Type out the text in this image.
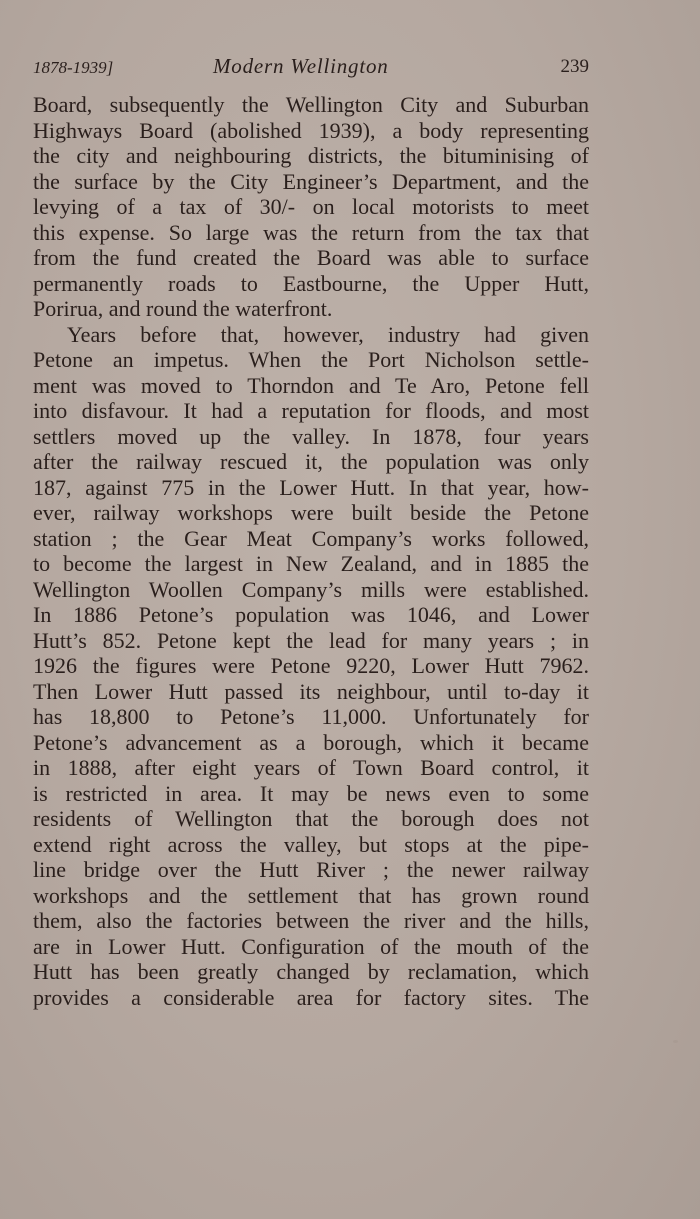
1878-1939]	Modern Wellington	239
Board, subsequently the Wellington City and Suburban
Highways Board (abolished 1939), a body representing
the city and neighbouring districts, the bituminising of
the surface by the City Engineer’s Department, and the
levying of a tax of 30/- on local motorists to meet
this expense. So large was the return from the tax that
from the fund created the Board was able to surface
permanently roads to Eastbourne, the Upper Hutt,
Porirua, and round the waterfront.
Years before that, however, industry had given
Petone an impetus. When the Port Nicholson settle-
ment was moved to Thorndon and Te Aro, Petone fell
into disfavour. It had a reputation for floods, and most
settlers moved up the valley. In 1878, four years
after the railway rescued it, the population was only
187, against 775 in the Lower Hutt. In that year, how-
ever, railway workshops were built beside the Petone
station ; the Gear Meat Company’s works followed,
to become the largest in New Zealand, and in 1885 the
Wellington Woollen Company’s mills were established.
In 1886 Petone’s population was 1046, and Lower
Hutt’s 852. Petone kept the lead for many years ; in
1926 the figures were Petone 9220, Lower Hutt 7962.
Then Lower Hutt passed its neighbour, until to-day it
has 18,800 to Petone’s 11,000. Unfortunately for
Petone’s advancement as a borough, which it became
in 1888, after eight years of Town Board control, it
is restricted in area. It may be news even to some
residents of Wellington that the borough does not
extend right across the valley, but stops at the pipe-
line bridge over the Hutt River ; the newer railway
workshops and the settlement that has grown round
them, also the factories between the river and the hills,
are in Lower Hutt. Configuration of the mouth of the
Hutt has been greatly changed by reclamation, which
provides a considerable area for factory sites. The
